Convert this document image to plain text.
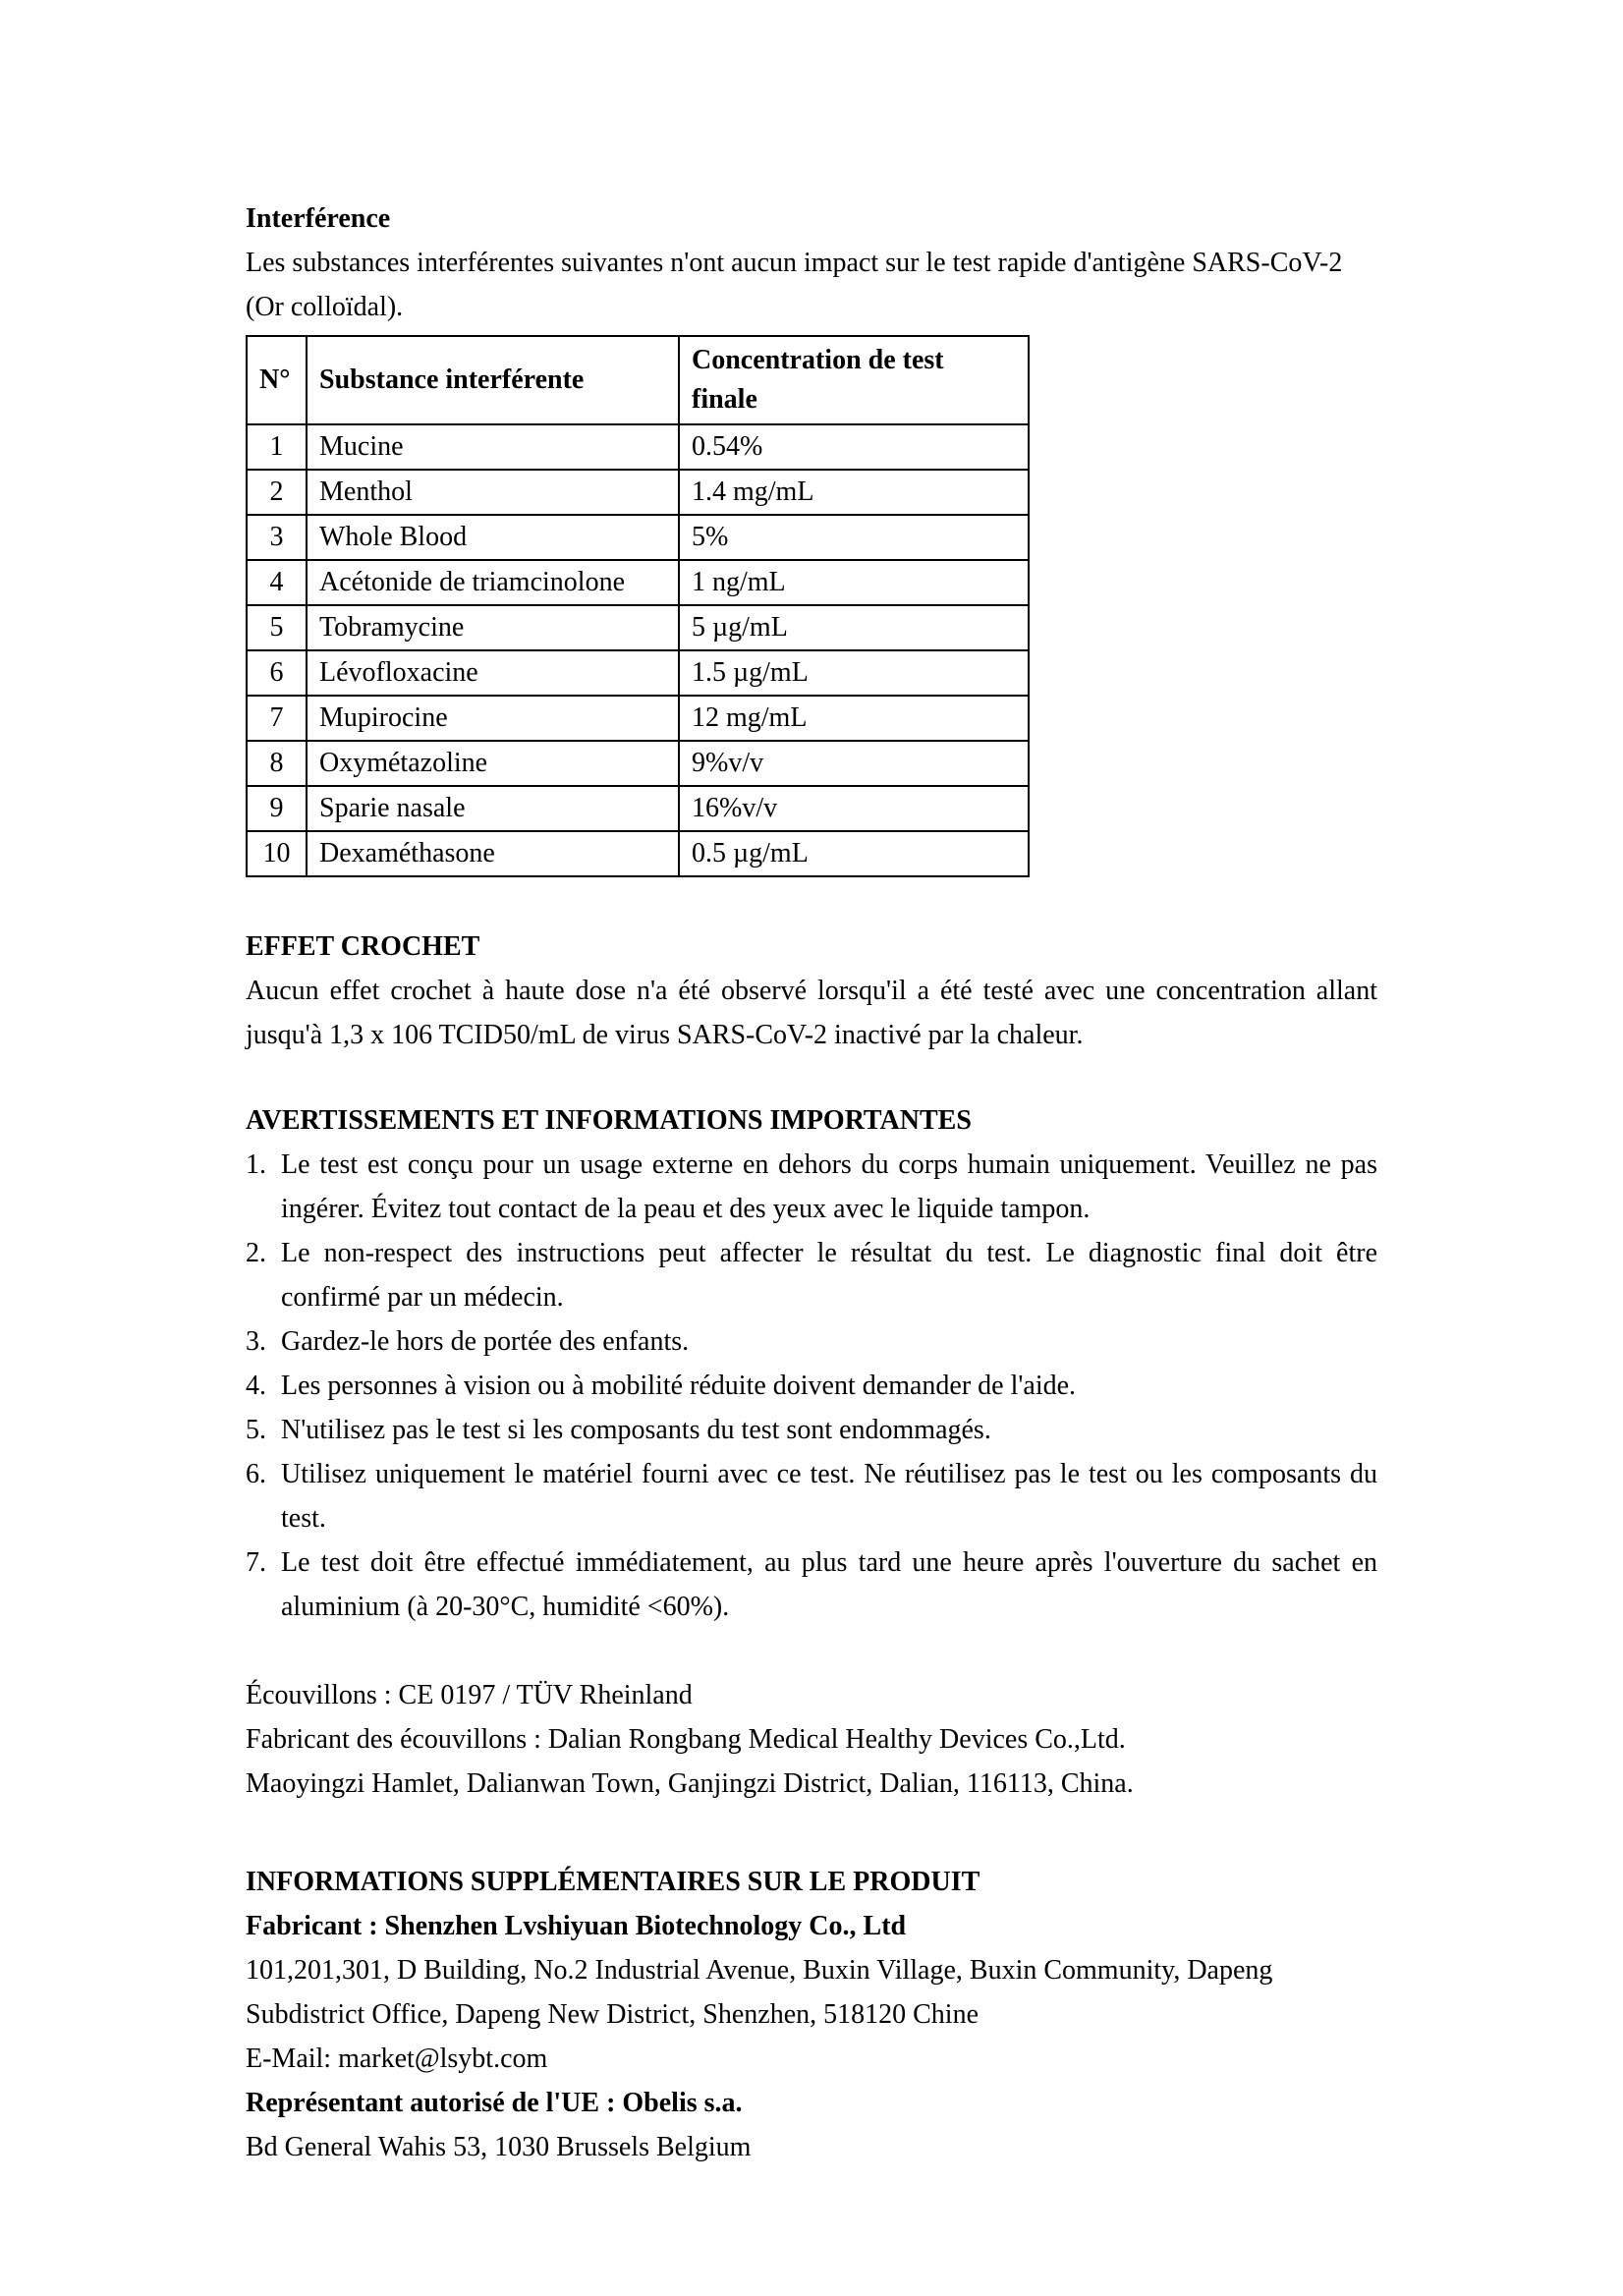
Interférence

Les substances interférentes suivantes n'ont aucun impact sur le test rapide d'antigène SARS-CoV-2 (Or colloïdal).

N°	Substance interférente	Concentration de test finale
1	Mucine	0.54%
2	Menthol	1.4 mg/mL
3	Whole Blood	5%
4	Acétonide de triamcinolone	1 ng/mL
5	Tobramycine	5 µg/mL
6	Lévofloxacine	1.5 µg/mL
7	Mupirocine	12 mg/mL
8	Oxymétazoline	9%v/v
9	Sparie nasale	16%v/v
10	Dexaméthasone	0.5 µg/mL

EFFET CROCHET

Aucun effet crochet à haute dose n'a été observé lorsqu'il a été testé avec une concentration allant jusqu'à 1,3 x 106 TCID50/mL de virus SARS-CoV-2 inactivé par la chaleur.

AVERTISSEMENTS ET INFORMATIONS IMPORTANTES

1. Le test est conçu pour un usage externe en dehors du corps humain uniquement. Veuillez ne pas ingérer. Évitez tout contact de la peau et des yeux avec le liquide tampon.
2. Le non-respect des instructions peut affecter le résultat du test. Le diagnostic final doit être confirmé par un médecin.
3. Gardez-le hors de portée des enfants.
4. Les personnes à vision ou à mobilité réduite doivent demander de l'aide.
5. N'utilisez pas le test si les composants du test sont endommagés.
6. Utilisez uniquement le matériel fourni avec ce test. Ne réutilisez pas le test ou les composants du test.
7. Le test doit être effectué immédiatement, au plus tard une heure après l'ouverture du sachet en aluminium (à 20-30°C, humidité <60%).

Écouvillons : CE 0197 / TÜV Rheinland

Fabricant des écouvillons : Dalian Rongbang Medical Healthy Devices Co.,Ltd.

Maoyingzi Hamlet, Dalianwan Town, Ganjingzi District, Dalian, 116113, China.

INFORMATIONS SUPPLÉMENTAIRES SUR LE PRODUIT

Fabricant : Shenzhen Lvshiyuan Biotechnology Co., Ltd

101,201,301, D Building, No.2 Industrial Avenue, Buxin Village, Buxin Community, Dapeng Subdistrict Office, Dapeng New District, Shenzhen, 518120 Chine

E-Mail: market@lsybt.com

Représentant autorisé de l'UE : Obelis s.a.

Bd General Wahis 53, 1030 Brussels Belgium
